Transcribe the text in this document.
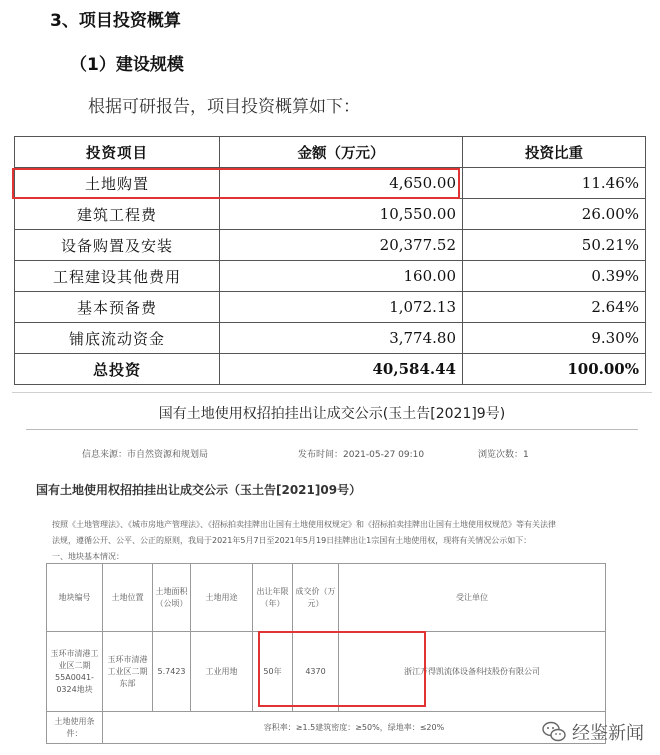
3、项目投资概算
（1）建设规模
根据可研报告，项目投资概算如下：
投资项目	金额（万元）	投资比重
土地购置	4,650.00	11.46%
建筑工程费	10,550.00	26.00%
设备购置及安装	20,377.52	50.21%
工程建设其他费用	160.00	0.39%
基本预备费	1,072.13	2.64%
铺底流动资金	3,774.80	9.30%
总投资	40,584.44	100.00%
国有土地使用权招拍挂出让成交公示(玉土告[2021]9号)
信息来源：市自然资源和规划局	发布时间：2021-05-27 09:10	浏览次数：1
国有土地使用权招拍挂出让成交公示（玉土告[2021]09号）
按照《土地管理法》、《城市房地产管理法》、《招标拍卖挂牌出让国有土地使用权规定》和《招标拍卖挂牌出让国有土地使用权规范》等有关法律
法规，遵循公开、公平、公正的原则，我局于2021年5月7日至2021年5月19日挂牌出让1宗国有土地使用权，现将有关情况公示如下：
一、地块基本情况：
地块编号	土地位置	土地面积（公顷）	土地用途	出让年限（年）	成交价（万元）	受让单位
玉环市清港工业区二期 55A0041-0324地块	玉环市清港工业区二期东部	5.7423	工业用地	50年	4370	浙江万得凯流体设备科技股份有限公司
土地使用条件：	容积率：≥1.5建筑密度：≥50%，绿地率：≤20%						经鉴新闻
